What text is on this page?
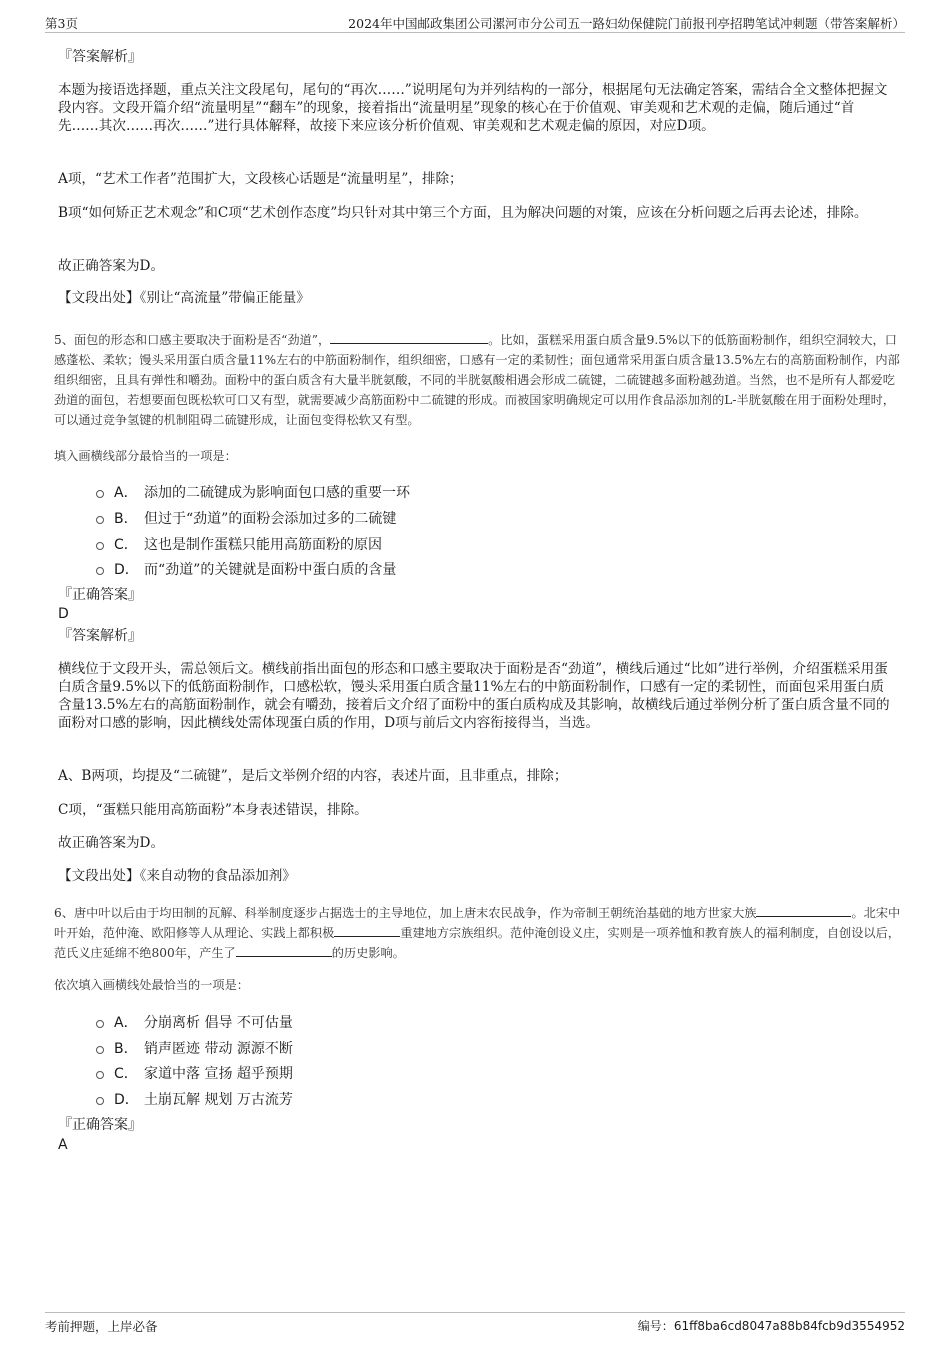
第3页	2024年中国邮政集团公司漯河市分公司五一路妇幼保健院门前报刊亭招聘笔试冲刺题（带答案解析）

『答案解析』

本题为接语选择题，重点关注文段尾句，尾句的“再次……”说明尾句为并列结构的一部分，根据尾句无法确定答案，需结合全文整体把握文段内容。文段开篇介绍“流量明星”“翻车”的现象，接着指出“流量明星”现象的核心在于价值观、审美观和艺术观的走偏，随后通过“首先……其次……再次……”进行具体解释，故接下来应该分析价值观、审美观和艺术观走偏的原因，对应D项。

A项，“艺术工作者”范围扩大，文段核心话题是“流量明星”，排除；

B项“如何矫正艺术观念”和C项“艺术创作态度”均只针对其中第三个方面，且为解决问题的对策，应该在分析问题之后再去论述，排除。

故正确答案为D。

【文段出处】《别让“高流量”带偏正能量》

5、面包的形态和口感主要取决于面粉是否“劲道”，	。比如，蛋糕采用蛋白质含量9.5%以下的低筋面粉制作，组织空洞较大，口感蓬松、柔软；馒头采用蛋白质含量11%左右的中筋面粉制作，组织细密，口感有一定的柔韧性；面包通常采用蛋白质含量13.5%左右的高筋面粉制作，内部组织细密，且具有弹性和嚼劲。面粉中的蛋白质含有大量半胱氨酸，不同的半胱氨酸相遇会形成二硫键，二硫键越多面粉越劲道。当然，也不是所有人都爱吃劲道的面包，若想要面包既松软可口又有型，就需要减少高筋面粉中二硫键的形成。而被国家明确规定可以用作食品添加剂的L-半胱氨酸在用于面粉处理时，可以通过竞争氢键的机制阻碍二硫键形成，让面包变得松软又有型。

填入画横线部分最恰当的一项是：

A． 添加的二硫键成为影响面包口感的重要一环
B． 但过于“劲道”的面粉会添加过多的二硫键
C． 这也是制作蛋糕只能用高筋面粉的原因
D． 而“劲道”的关键就是面粉中蛋白质的含量

『正确答案』

D

『答案解析』

横线位于文段开头，需总领后文。横线前指出面包的形态和口感主要取决于面粉是否“劲道”，横线后通过“比如”进行举例，介绍蛋糕采用蛋白质含量9.5%以下的低筋面粉制作，口感松软，馒头采用蛋白质含量11%左右的中筋面粉制作，口感有一定的柔韧性，而面包采用蛋白质含量13.5%左右的高筋面粉制作，就会有嚼劲，接着后文介绍了面粉中的蛋白质构成及其影响，故横线后通过举例分析了蛋白质含量不同的面粉对口感的影响，因此横线处需体现蛋白质的作用，D项与前后文内容衔接得当，当选。

A、B两项，均提及“二硫键”，是后文举例介绍的内容，表述片面，且非重点，排除；

C项，“蛋糕只能用高筋面粉”本身表述错误，排除。

故正确答案为D。

【文段出处】《来自动物的食品添加剂》

6、唐中叶以后由于均田制的瓦解、科举制度逐步占据选士的主导地位，加上唐末农民战争，作为帝制王朝统治基础的地方世家大族	。北宋中叶开始，范仲淹、欧阳修等人从理论、实践上都积极	重建地方宗族组织。范仲淹创设义庄，实则是一项养恤和教育族人的福利制度，自创设以后，范氏义庄延绵不绝800年，产生了	的历史影响。

依次填入画横线处最恰当的一项是：

A． 分崩离析 倡导 不可估量
B． 销声匿迹 带动 源源不断
C． 家道中落 宣扬 超乎预期
D． 土崩瓦解 规划 万古流芳

『正确答案』

A

考前押题，上岸必备	编号：61ff8ba6cd8047a88b84fcb9d3554952
